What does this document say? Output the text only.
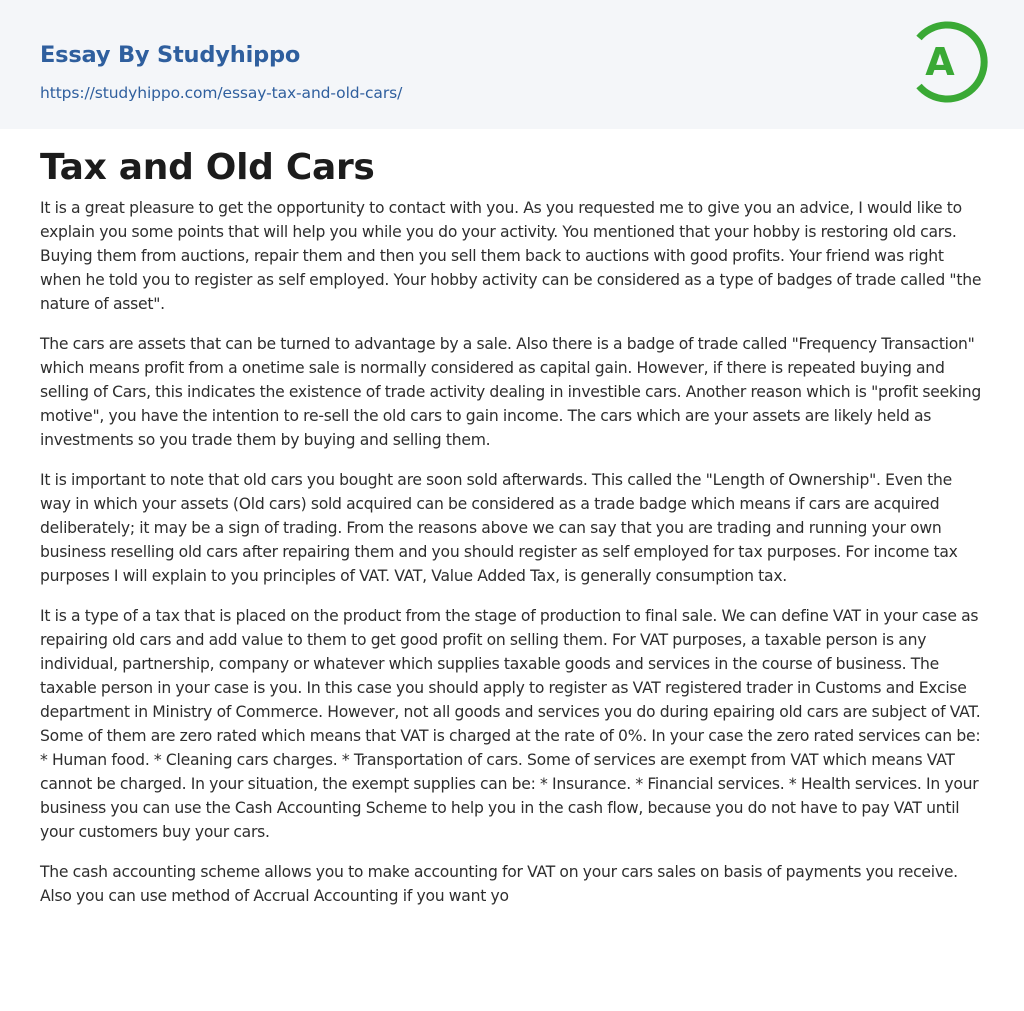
Essay By Studyhippo
https://studyhippo.com/essay-tax-and-old-cars/
A
Tax and Old Cars

It is a great pleasure to get the opportunity to contact with you. As you requested me to give you an advice, I would like to explain you some points that will help you while you do your activity. You mentioned that your hobby is restoring old cars. Buying them from auctions, repair them and then you sell them back to auctions with good profits. Your friend was right when he told you to register as self employed. Your hobby activity can be considered as a type of badges of trade called "the nature of asset".

The cars are assets that can be turned to advantage by a sale. Also there is a badge of trade called "Frequency Transaction" which means profit from a onetime sale is normally considered as capital gain. However, if there is repeated buying and selling of Cars, this indicates the existence of trade activity dealing in investible cars. Another reason which is "profit seeking motive", you have the intention to re-sell the old cars to gain income. The cars which are your assets are likely held as investments so you trade them by buying and selling them.

It is important to note that old cars you bought are soon sold afterwards. This called the "Length of Ownership". Even the way in which your assets (Old cars) sold acquired can be considered as a trade badge which means if cars are acquired deliberately; it may be a sign of trading. From the reasons above we can say that you are trading and running your own business reselling old cars after repairing them and you should register as self employed for tax purposes. For income tax purposes I will explain to you principles of VAT. VAT, Value Added Tax, is generally consumption tax.

It is a type of a tax that is placed on the product from the stage of production to final sale. We can define VAT in your case as repairing old cars and add value to them to get good profit on selling them. For VAT purposes, a taxable person is any individual, partnership, company or whatever which supplies taxable goods and services in the course of business. The taxable person in your case is you. In this case you should apply to register as VAT registered trader in Customs and Excise department in Ministry of Commerce. However, not all goods and services you do during epairing old cars are subject of VAT. Some of them are zero rated which means that VAT is charged at the rate of 0%. In your case the zero rated services can be: * Human food. * Cleaning cars charges. * Transportation of cars. Some of services are exempt from VAT which means VAT cannot be charged. In your situation, the exempt supplies can be: * Insurance. * Financial services. * Health services. In your business you can use the Cash Accounting Scheme to help you in the cash flow, because you do not have to pay VAT until your customers buy your cars.

The cash accounting scheme allows you to make accounting for VAT on your cars sales on basis of payments you receive. Also you can use method of Accrual Accounting if you want yo
